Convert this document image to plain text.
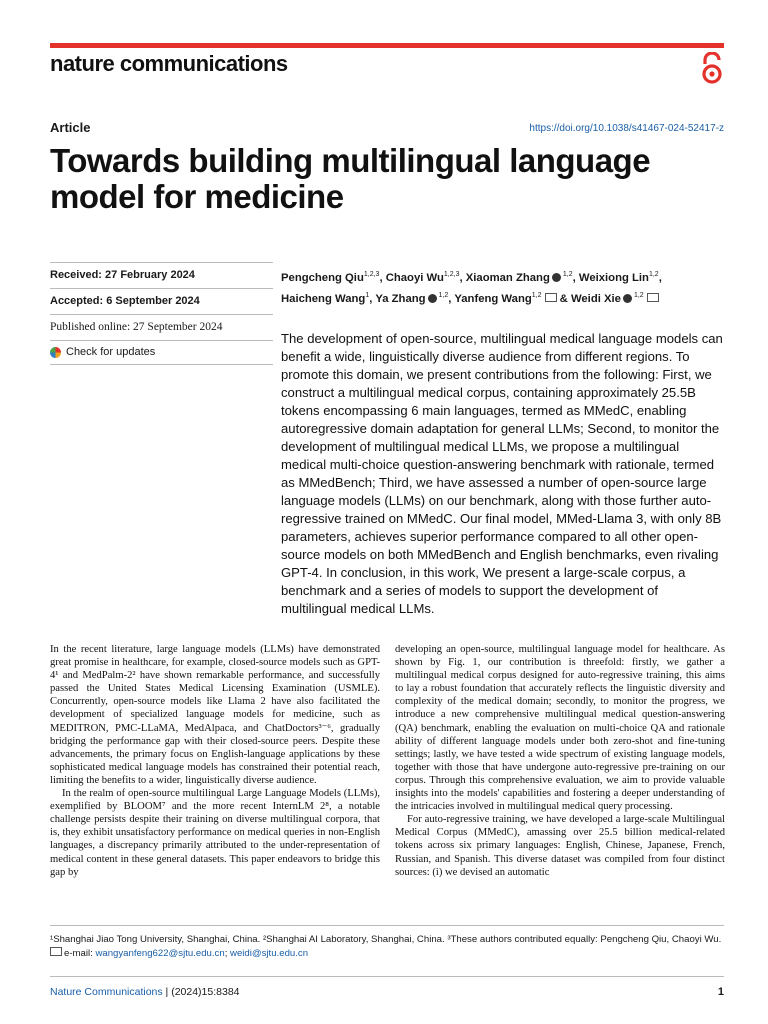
nature communications
Article	https://doi.org/10.1038/s41467-024-52417-z
Towards building multilingual language model for medicine
Received: 27 February 2024
Accepted: 6 September 2024
Published online: 27 September 2024
Check for updates
Pengcheng Qiu$^{1,2,3}$, Chaoyi Wu$^{1,2,3}$, Xiaoman Zhang $^{1,2}$, Weixiong Lin$^{1,2}$,
Haicheng Wang$^1$, Ya Zhang $^{1,2}$, Yanfeng Wang$^{1,2}$ & Weidi Xie $^{1,2}$
The development of open-source, multilingual medical language models can benefit a wide, linguistically diverse audience from different regions. To promote this domain, we present contributions from the following: First, we construct a multilingual medical corpus, containing approximately 25.5B tokens encompassing 6 main languages, termed as MMedC, enabling autoregressive domain adaptation for general LLMs; Second, to monitor the development of multilingual medical LLMs, we propose a multilingual medical multi-choice question-answering benchmark with rationale, termed as MMedBench; Third, we have assessed a number of open-source large language models (LLMs) on our benchmark, along with those further auto-regressive trained on MMedC. Our final model, MMed-Llama 3, with only 8B parameters, achieves superior performance compared to all other open-source models on both MMedBench and English benchmarks, even rivaling GPT-4. In conclusion, in this work, We present a large-scale corpus, a benchmark and a series of models to support the development of multilingual medical LLMs.

In the recent literature, large language models (LLMs) have demonstrated great promise in healthcare, for example, closed-source models such as GPT-4¹ and MedPalm-2² have shown remarkable performance, and successfully passed the United States Medical Licensing Examination (USMLE). Concurrently, open-source models like Llama 2 have also facilitated the development of specialized language models for medicine, such as MEDITRON, PMC-LLaMA, MedAlpaca, and ChatDoctors³⁻⁶, gradually bridging the performance gap with their closed-source peers. Despite these advancements, the primary focus on English-language applications by these sophisticated medical language models has constrained their potential reach, limiting the benefits to a wider, linguistically diverse audience.

In the realm of open-source multilingual Large Language Models (LLMs), exemplified by BLOOM⁷ and the more recent InternLM 2⁸, a notable challenge persists despite their training on diverse multilingual corpora, that is, they exhibit unsatisfactory performance on medical queries in non-English languages, a discrepancy primarily attributed to the under-representation of medical content in these general datasets. This paper endeavors to bridge this gap by

developing an open-source, multilingual language model for healthcare. As shown by Fig. 1, our contribution is threefold: firstly, we gather a multilingual medical corpus designed for auto-regressive training, this aims to lay a robust foundation that accurately reflects the linguistic diversity and complexity of the medical domain; secondly, to monitor the progress, we introduce a new comprehensive multilingual medical question-answering (QA) benchmark, enabling the evaluation on multi-choice QA and rationale ability of different language models under both zero-shot and fine-tuning settings; lastly, we have tested a wide spectrum of existing language models, together with those that have undergone auto-regressive pre-training on our corpus. Through this comprehensive evaluation, we aim to provide valuable insights into the models' capabilities and fostering a deeper understanding of the intricacies involved in multilingual medical query processing.

For auto-regressive training, we have developed a large-scale Multilingual Medical Corpus (MMedC), amassing over 25.5 billion medical-related tokens across six primary languages: English, Chinese, Japanese, French, Russian, and Spanish. This diverse dataset was compiled from four distinct sources: (i) we devised an automatic

¹Shanghai Jiao Tong University, Shanghai, China. ²Shanghai AI Laboratory, Shanghai, China. ³These authors contributed equally: Pengcheng Qiu, Chaoyi Wu.
e-mail: wangyanfeng622@sjtu.edu.cn; weidi@sjtu.edu.cn
Nature Communications | (2024)15:8384	1
